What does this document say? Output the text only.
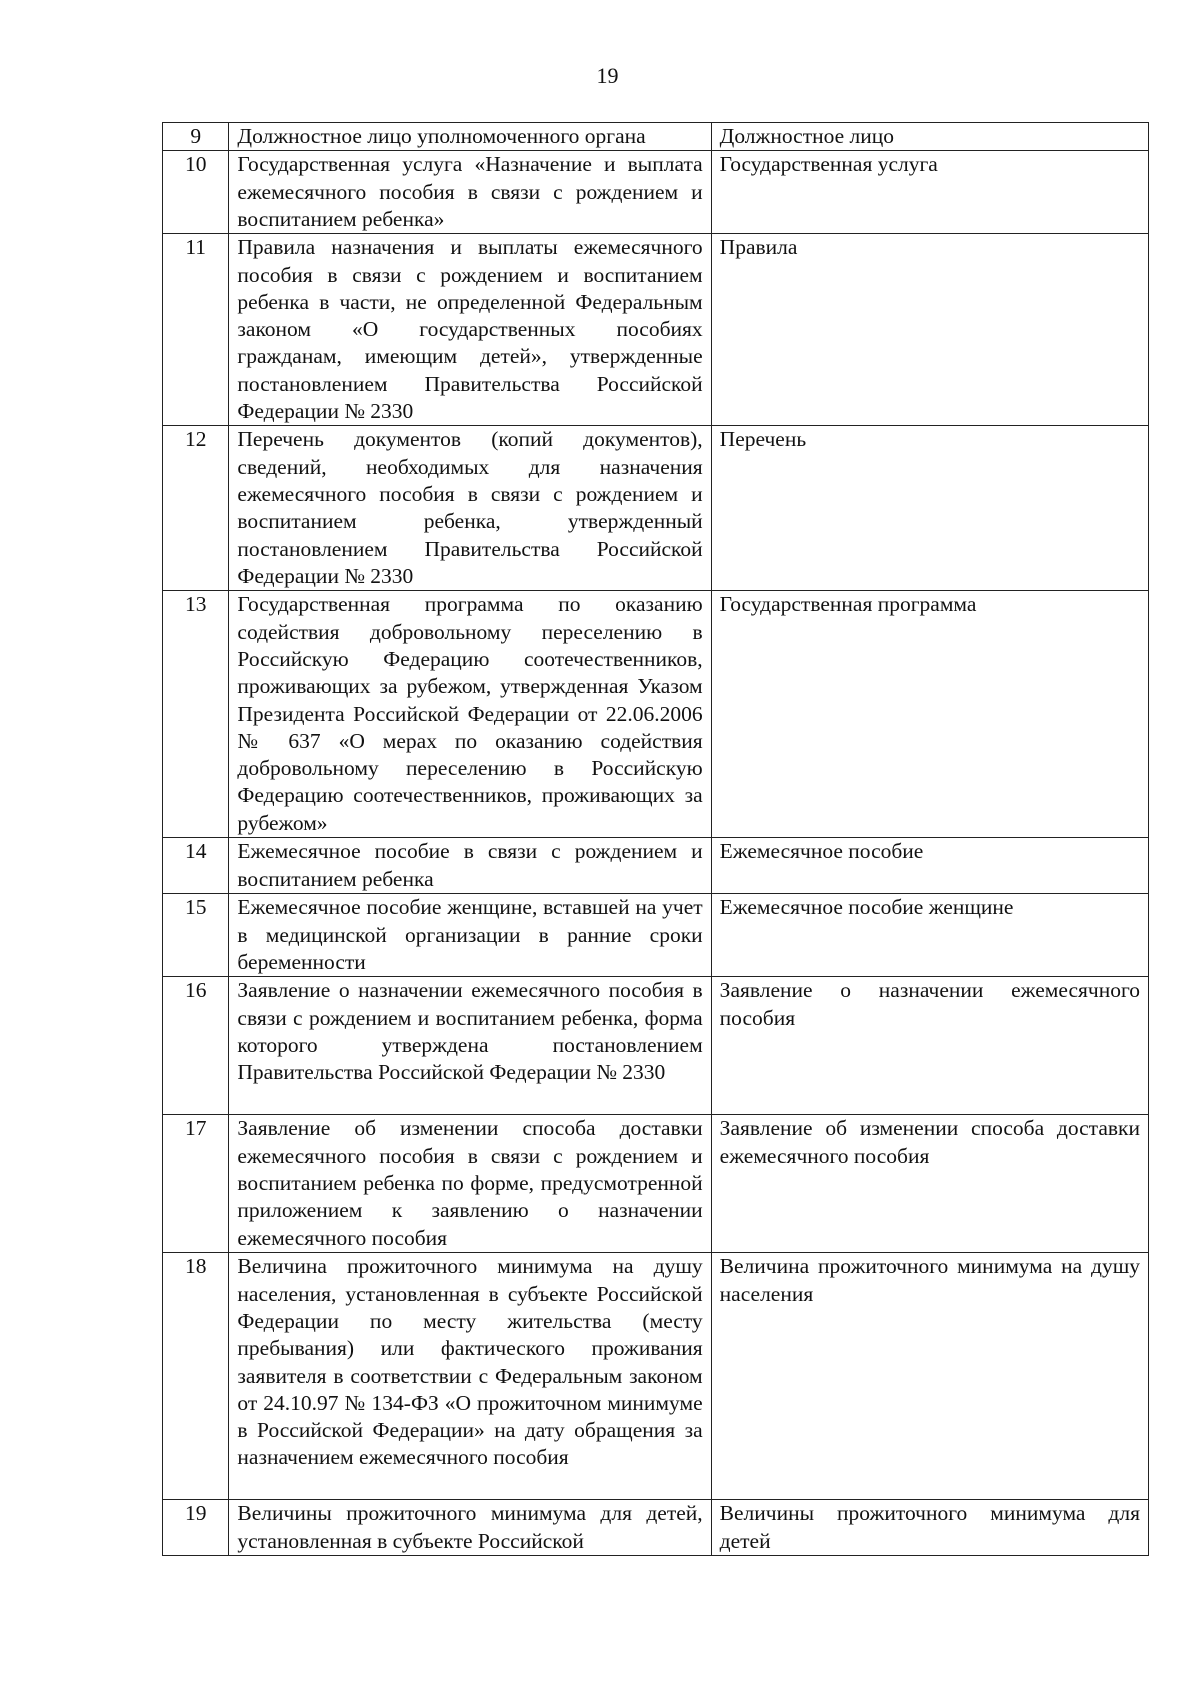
19
9	Должностное лицо уполномоченного органа	Должностное лицо
10	Государственная услуга «Назначение и выплата ежемесячного пособия в связи с рождением и воспитанием ребенка»	Государственная услуга
11	Правила назначения и выплаты ежемесячного пособия в связи с рождением и воспитанием ребенка в части, не определенной Федеральным законом «О государственных пособиях гражданам, имеющим детей», утвержденные постановлением Правительства Российской Федерации № 2330	Правила
12	Перечень документов (копий документов), сведений, необходимых для назначения ежемесячного пособия в связи с рождением и воспитанием ребенка, утвержденный постановлением Правительства Российской Федерации № 2330	Перечень
13	Государственная программа по оказанию содействия добровольному переселению в Российскую Федерацию соотечественников, проживающих за рубежом, утвержденная Указом Президента Российской Федерации от 22.06.2006 № 637 «О мерах по оказанию содействия добровольному переселению в Российскую Федерацию соотечественников, проживающих за рубежом»	Государственная программа
14	Ежемесячное пособие в связи с рождением и воспитанием ребенка	Ежемесячное пособие
15	Ежемесячное пособие женщине, вставшей на учет в медицинской организации в ранние сроки беременности	Ежемесячное пособие женщине
16	Заявление о назначении ежемесячного пособия в связи с рождением и воспитанием ребенка, форма которого утверждена постановлением Правительства Российской Федерации № 2330	Заявление о назначении ежемесячного пособия
17	Заявление об изменении способа доставки ежемесячного пособия в связи с рождением и воспитанием ребенка по форме, предусмотренной приложением к заявлению о назначении ежемесячного пособия	Заявление об изменении способа доставки ежемесячного пособия
18	Величина прожиточного минимума на душу населения, установленная в субъекте Российской Федерации по месту жительства (месту пребывания) или фактического проживания заявителя в соответствии с Федеральным законом от 24.10.97 № 134-ФЗ «О прожиточном минимуме в Российской Федерации» на дату обращения за назначением ежемесячного пособия	Величина прожиточного минимума на душу населения
19	Величины прожиточного минимума для детей, установленная в субъекте Российской	Величины прожиточного минимума для детей
